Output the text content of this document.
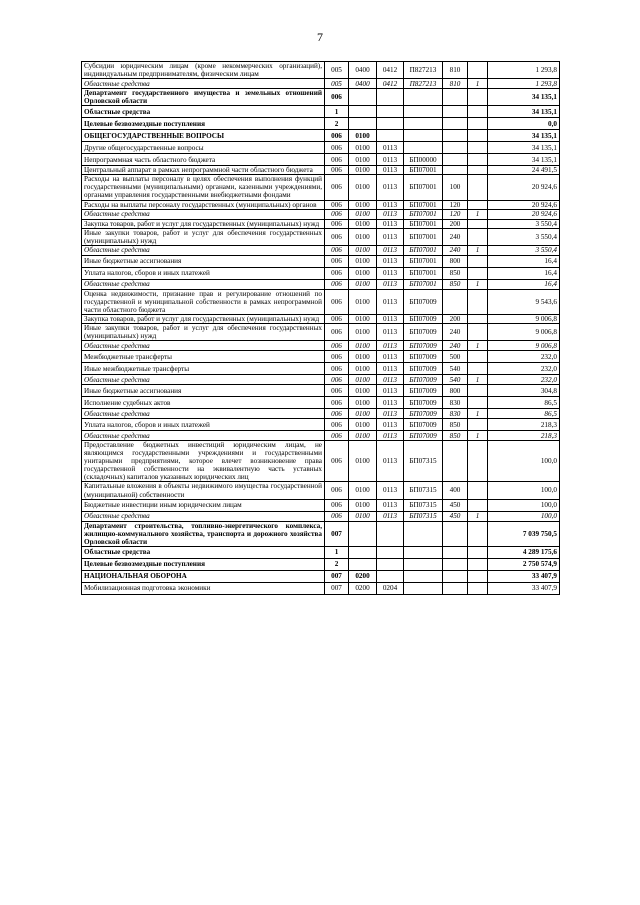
7
Субсидии юридическим лицам (кроме некоммерческих организаций), индивидуальным предпринимателям, физическим лицам	005	0400	0412	П827213	810		1 293,8
Областные средства	005	0400	0412	П827213	810	1	1 293,8
Департамент государственного имущества и земельных отношений Орловской области	006						34 135,1
Областные средства	1						34 135,1
Целевые безвозмездные поступления	2						0,0
ОБЩЕГОСУДАРСТВЕННЫЕ ВОПРОСЫ	006	0100					34 135,1
Другие общегосударственные вопросы	006	0100	0113				34 135,1
Непрограммная часть областного бюджета	006	0100	0113	БП00000			34 135,1
Центральный аппарат в рамках непрограммной части областного бюджета	006	0100	0113	БП07001			24 491,5
Расходы на выплаты персоналу в целях обеспечения выполнения функций государственными (муниципальными) органами, казенными учреждениями, органами управления государственными внебюджетными фондами	006	0100	0113	БП07001	100		20 924,6
Расходы на выплаты персоналу государственных (муниципальных) органов	006	0100	0113	БП07001	120		20 924,6
Областные средства	006	0100	0113	БП07001	120	1	20 924,6
Закупка товаров, работ и услуг для государственных (муниципальных) нужд	006	0100	0113	БП07001	200		3 550,4
Иные закупки товаров, работ и услуг для обеспечения государственных (муниципальных) нужд	006	0100	0113	БП07001	240		3 550,4
Областные средства	006	0100	0113	БП07001	240	1	3 550,4
Иные бюджетные ассигнования	006	0100	0113	БП07001	800		16,4
Уплата налогов, сборов и иных платежей	006	0100	0113	БП07001	850		16,4
Областные средства	006	0100	0113	БП07001	850	1	16,4
Оценка недвижимости, признание прав и регулирование отношений по государственной и муниципальной собственности в рамках непрограммной части областного бюджета	006	0100	0113	БП07009			9 543,6
Закупка товаров, работ и услуг для государственных (муниципальных) нужд	006	0100	0113	БП07009	200		9 006,8
Иные закупки товаров, работ и услуг для обеспечения государственных (муниципальных) нужд	006	0100	0113	БП07009	240		9 006,8
Областные средства	006	0100	0113	БП07009	240	1	9 006,8
Межбюджетные трансферты	006	0100	0113	БП07009	500		232,0
Иные межбюджетные трансферты	006	0100	0113	БП07009	540		232,0
Областные средства	006	0100	0113	БП07009	540	1	232,0
Иные бюджетные ассигнования	006	0100	0113	БП07009	800		304,8
Исполнение судебных актов	006	0100	0113	БП07009	830		86,5
Областные средства	006	0100	0113	БП07009	830	1	86,5
Уплата налогов, сборов и иных платежей	006	0100	0113	БП07009	850		218,3
Областные средства	006	0100	0113	БП07009	850	1	218,3
Предоставление бюджетных инвестиций юридическим лицам, не являющимся государственными учреждениями и государственными унитарными предприятиями, которое влечет возникновение права государственной собственности на эквивалентную часть уставных (складочных) капиталов указанных юридических лиц	006	0100	0113	БП07315			100,0
Капитальные вложения в объекты недвижимого имущества государственной (муниципальной) собственности	006	0100	0113	БП07315	400		100,0
Бюджетные инвестиции иным юридическим лицам	006	0100	0113	БП07315	450		100,0
Областные средства	006	0100	0113	БП07315	450	1	100,0
Департамент строительства, топливно-энергетического комплекса, жилищно-коммунального хозяйства, транспорта и дорожного хозяйства Орловской области	007						7 039 750,5
Областные средства	1						4 289 175,6
Целевые безвозмездные поступления	2						2 750 574,9
НАЦИОНАЛЬНАЯ ОБОРОНА	007	0200					33 407,9
Мобилизационная подготовка экономики	007	0200	0204				33 407,9
